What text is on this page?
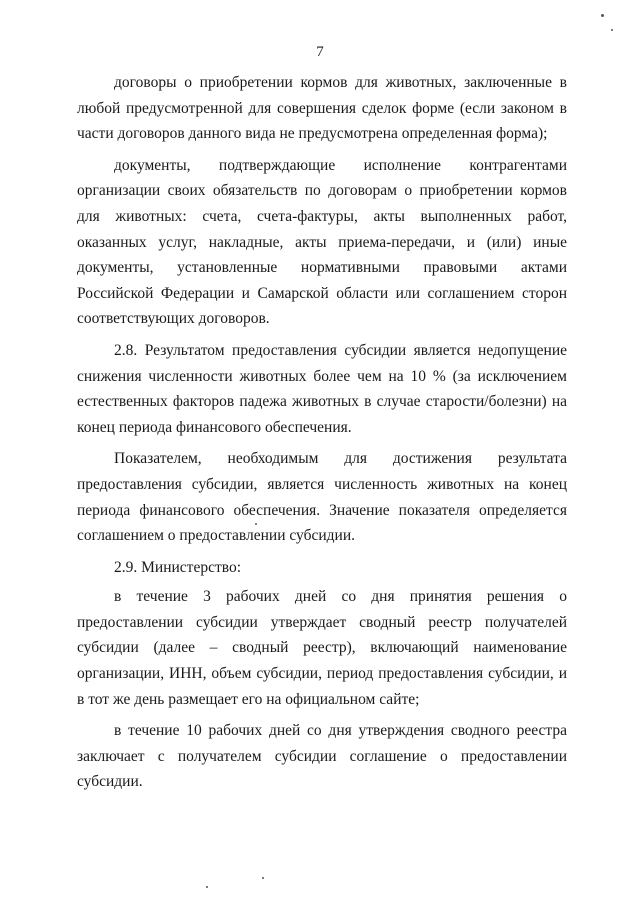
7

договоры о приобретении кормов для животных, заключенные в любой предусмотренной для совершения сделок форме (если законом в части договоров данного вида не предусмотрена определенная форма);

документы, подтверждающие исполнение контрагентами организации своих обязательств по договорам о приобретении кормов для животных: счета, счета-фактуры, акты выполненных работ, оказанных услуг, накладные, акты приема-передачи, и (или) иные документы, установленные нормативными правовыми актами Российской Федерации и Самарской области или соглашением сторон соответствующих договоров.

2.8. Результатом предоставления субсидии является недопущение снижения численности животных более чем на 10 % (за исключением естественных факторов падежа животных в случае старости/болезни) на конец периода финансового обеспечения.

Показателем, необходимым для достижения результата предоставления субсидии, является численность животных на конец периода финансового обеспечения. Значение показателя определяется соглашением о предоставлении субсидии.

2.9. Министерство:

в течение 3 рабочих дней со дня принятия решения о предоставлении субсидии утверждает сводный реестр получателей субсидии (далее – сводный реестр), включающий наименование организации, ИНН, объем субсидии, период предоставления субсидии, и в тот же день размещает его на официальном сайте;

в течение 10 рабочих дней со дня утверждения сводного реестра заключает с получателем субсидии соглашение о предоставлении субсидии.
